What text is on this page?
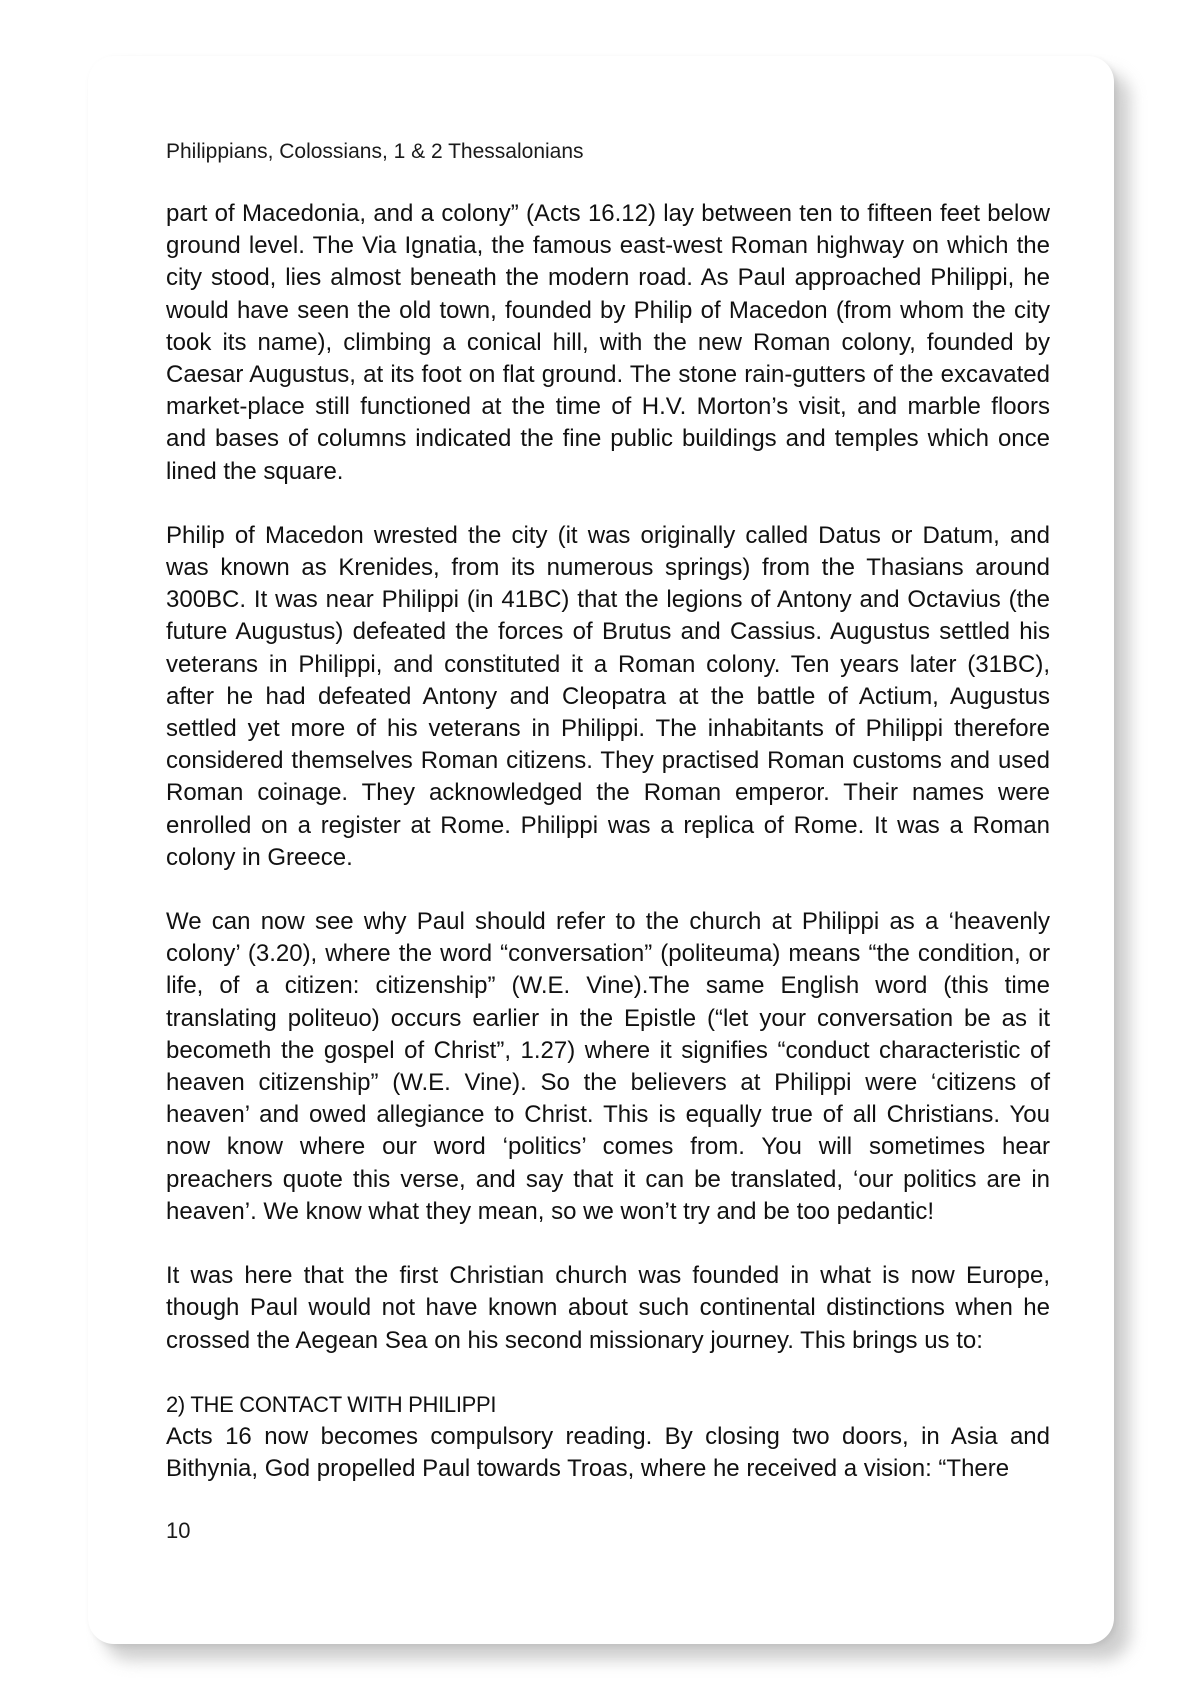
Philippians, Colossians, 1 & 2 Thessalonians

part of Macedonia, and a colony” (Acts 16.12) lay between ten to fifteen feet below ground level. The Via Ignatia, the famous east-west Roman highway on which the city stood, lies almost beneath the modern road. As Paul approached Philippi, he would have seen the old town, founded by Philip of Macedon (from whom the city took its name), climbing a conical hill, with the new Roman colony, founded by Caesar Augustus, at its foot on flat ground. The stone rain-gutters of the excavated market-place still functioned at the time of H.V. Morton’s visit, and marble floors and bases of columns indicated the fine public buildings and temples which once lined the square.

Philip of Macedon wrested the city (it was originally called Datus or Datum, and was known as Krenides, from its numerous springs) from the Thasians around 300BC. It was near Philippi (in 41BC) that the legions of Antony and Octavius (the future Augustus) defeated the forces of Brutus and Cassius. Augustus settled his veterans in Philippi, and constituted it a Roman colony. Ten years later (31BC), after he had defeated Antony and Cleopatra at the battle of Actium, Augustus settled yet more of his veterans in Philippi. The inhabitants of Philippi therefore considered themselves Roman citizens. They practised Roman customs and used Roman coinage. They acknowledged the Roman emperor. Their names were enrolled on a register at Rome. Philippi was a replica of Rome. It was a Roman colony in Greece.

We can now see why Paul should refer to the church at Philippi as a ‘heavenly colony’ (3.20), where the word “conversation” (politeuma) means “the condition, or life, of a citizen: citizenship” (W.E. Vine).The same English word (this time translating politeuo) occurs earlier in the Epistle (“let your conversation be as it becometh the gospel of Christ”, 1.27) where it signifies “conduct characteristic of heaven citizenship” (W.E. Vine). So the believers at Philippi were ‘citizens of heaven’ and owed allegiance to Christ. This is equally true of all Christians. You now know where our word ‘politics’ comes from. You will sometimes hear preachers quote this verse, and say that it can be translated, ‘our politics are in heaven’. We know what they mean, so we won’t try and be too pedantic!

It was here that the first Christian church was founded in what is now Europe, though Paul would not have known about such continental distinctions when he crossed the Aegean Sea on his second missionary journey. This brings us to:

2) THE CONTACT WITH PHILIPPI

Acts 16 now becomes compulsory reading. By closing two doors, in Asia and Bithynia, God propelled Paul towards Troas, where he received a vision: “There

10
